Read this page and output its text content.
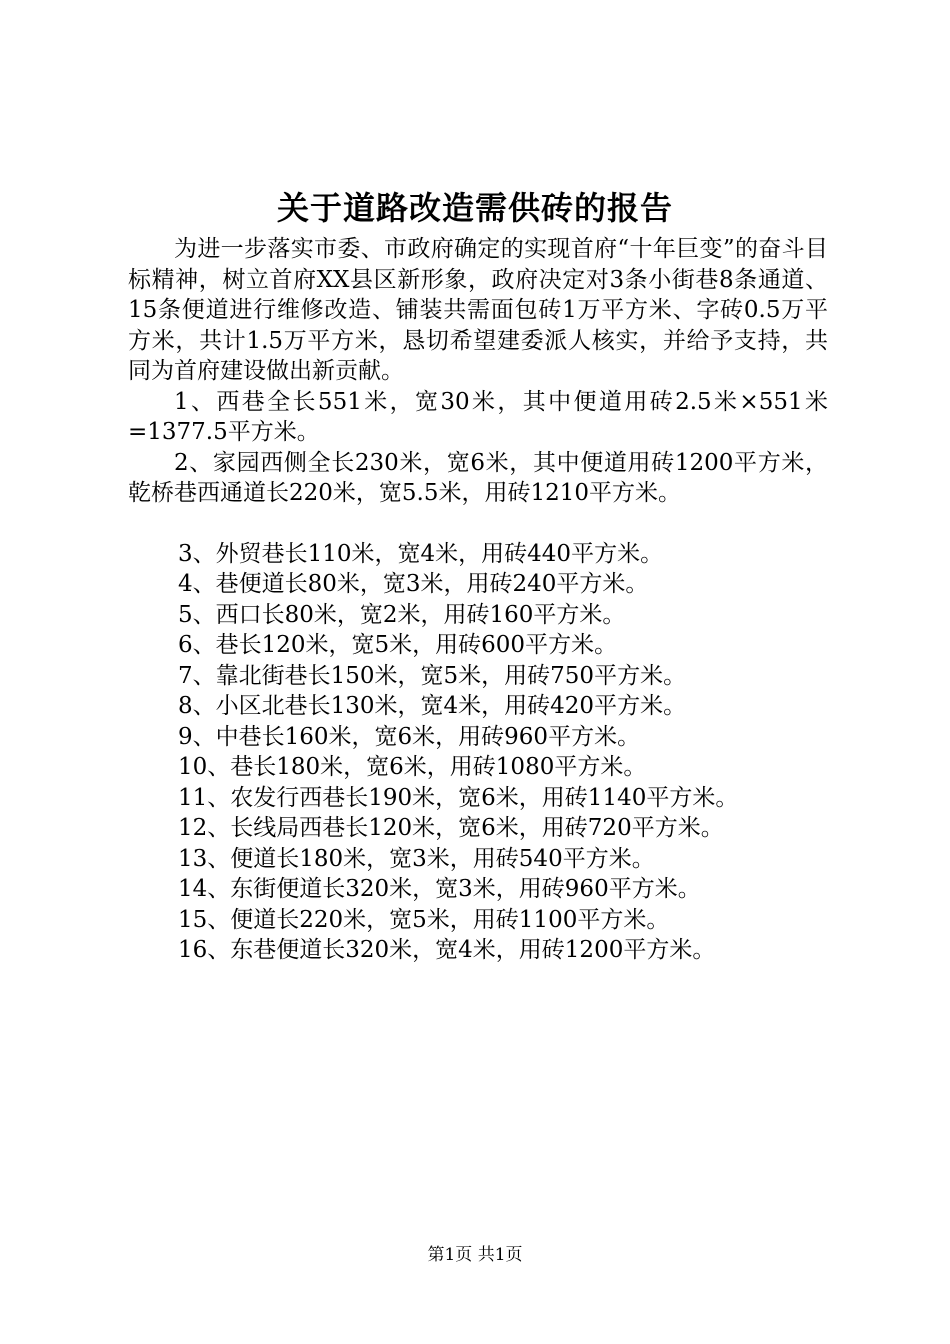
关于道路改造需供砖的报告

为进一步落实市委、市政府确定的实现首府“十年巨变”的奋斗目标精神，树立首府XX县区新形象，政府决定对3条小街巷8条通道、15条便道进行维修改造、铺装共需面包砖1万平方米、字砖0.5万平方米，共计1.5万平方米，恳切希望建委派人核实，并给予支持，共同为首府建设做出新贡献。

1、西巷全长551米，宽30米，其中便道用砖2.5米×551米=1377.5平方米。

2、家园西侧全长230米，宽6米，其中便道用砖1200平方米，乾桥巷西通道长220米，宽5.5米，用砖1210平方米。

3、外贸巷长110米，宽4米，用砖440平方米。

4、巷便道长80米，宽3米，用砖240平方米。

5、西口长80米，宽2米，用砖160平方米。

6、巷长120米，宽5米，用砖600平方米。

7、靠北街巷长150米，宽5米，用砖750平方米。

8、小区北巷长130米，宽4米，用砖420平方米。

9、中巷长160米，宽6米，用砖960平方米。

10、巷长180米，宽6米，用砖1080平方米。

11、农发行西巷长190米，宽6米，用砖1140平方米。

12、长线局西巷长120米，宽6米，用砖720平方米。

13、便道长180米，宽3米，用砖540平方米。

14、东街便道长320米，宽3米，用砖960平方米。

15、便道长220米，宽5米，用砖1100平方米。

16、东巷便道长320米，宽4米，用砖1200平方米。

第1页 共1页
